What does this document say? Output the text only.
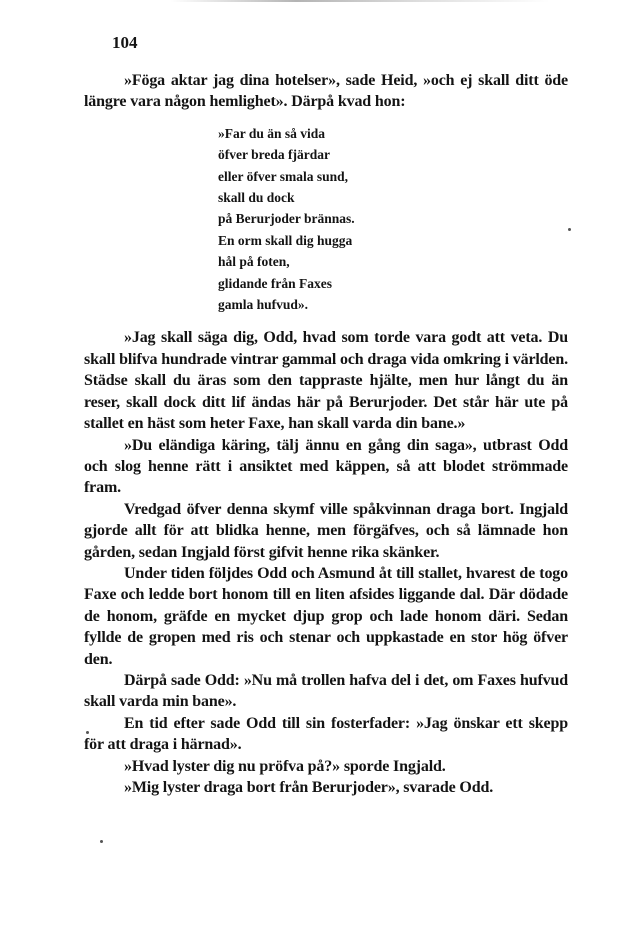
104

»Föga aktar jag dina hotelser», sade Heid, »och ej skall ditt öde längre vara någon hemlighet». Därpå kvad hon:

»Far du än så vida
öfver breda fjärdar
eller öfver smala sund,
skall du dock
på Berurjoder brännas.
En orm skall dig hugga
hål på foten,
glidande från Faxes
gamla hufvud».

»Jag skall säga dig, Odd, hvad som torde vara godt att veta. Du skall blifva hundrade vintrar gammal och draga vida omkring i världen. Städse skall du äras som den tappraste hjälte, men hur långt du än reser, skall dock ditt lif ändas här på Berurjoder. Det står här ute på stallet en häst som heter Faxe, han skall varda din bane.»

»Du eländiga käring, tälj ännu en gång din saga», utbrast Odd och slog henne rätt i ansiktet med käppen, så att blodet strömmade fram.

Vredgad öfver denna skymf ville spåkvinnan draga bort. Ingjald gjorde allt för att blidka henne, men förgäfves, och så lämnade hon gården, sedan Ingjald först gifvit henne rika skänker.

Under tiden följdes Odd och Asmund åt till stallet, hvarest de togo Faxe och ledde bort honom till en liten afsides liggande dal. Där dödade de honom, gräfde en mycket djup grop och lade honom däri. Sedan fyllde de gropen med ris och stenar och uppkastade en stor hög öfver den.

Därpå sade Odd: »Nu må trollen hafva del i det, om Faxes hufvud skall varda min bane».

En tid efter sade Odd till sin fosterfader: »Jag önskar ett skepp för att draga i härnad».

»Hvad lyster dig nu pröfva på?» sporde Ingjald.

»Mig lyster draga bort från Berurjoder», svarade Odd.
